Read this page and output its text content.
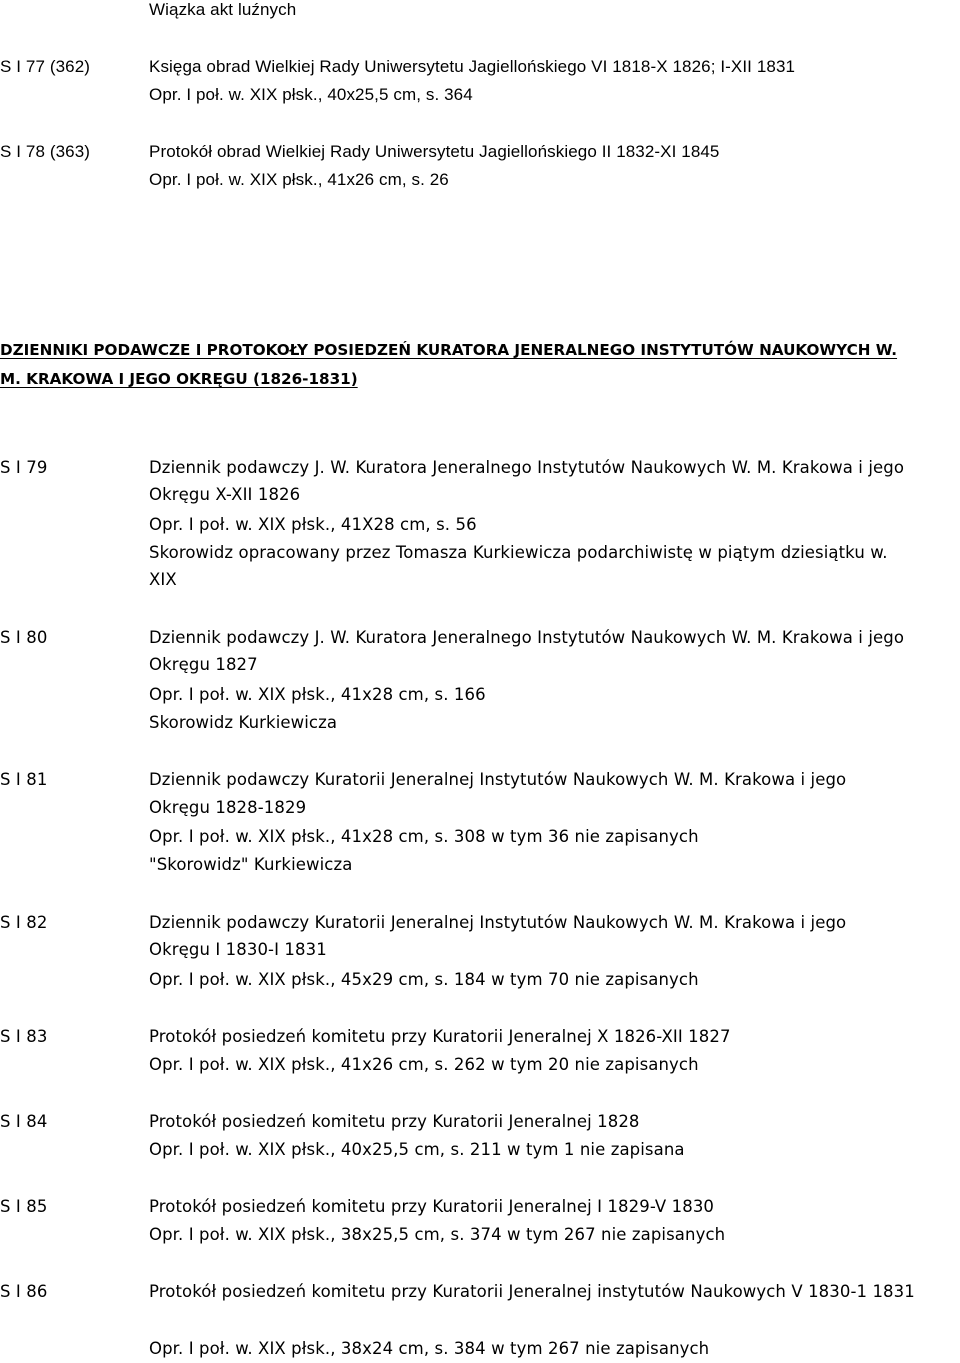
Wiązka akt luźnych
S I 77 (362)	Księga obrad Wielkiej Rady Uniwersytetu Jagiellońskiego VI 1818-X 1826; I-XII 1831
Opr. I poł. w. XIX płsk., 40x25,5 cm, s. 364
S I 78 (363)	Protokół obrad Wielkiej Rady Uniwersytetu Jagiellońskiego II 1832-XI 1845
Opr. I poł. w. XIX płsk., 41x26 cm, s. 26
DZIENNIKI PODAWCZE I PROTOKOŁY POSIEDZEŃ KURATORA JENERALNEGO INSTYTUTÓW NAUKOWYCH W.
M. KRAKOWA I JEGO OKRĘGU (1826-1831)
S I 79	Dziennik podawczy J. W. Kuratora Jeneralnego Instytutów Naukowych W. M. Krakowa i jego
Okręgu X-XII 1826
Opr. I poł. w. XIX płsk., 41X28 cm, s. 56
Skorowidz opracowany przez Tomasza Kurkiewicza podarchiwistę w piątym dziesiątku w.
XIX
S I 80	Dziennik podawczy J. W. Kuratora Jeneralnego Instytutów Naukowych W. M. Krakowa i jego
Okręgu 1827
Opr. I poł. w. XIX płsk., 41x28 cm, s. 166
Skorowidz Kurkiewicza
S I 81	Dziennik podawczy Kuratorii Jeneralnej Instytutów Naukowych W. M. Krakowa i jego
Okręgu 1828-1829
Opr. I poł. w. XIX płsk., 41x28 cm, s. 308 w tym 36 nie zapisanych
"Skorowidz" Kurkiewicza
S I 82	Dziennik podawczy Kuratorii Jeneralnej Instytutów Naukowych W. M. Krakowa i jego
Okręgu I 1830-I 1831
Opr. I poł. w. XIX płsk., 45x29 cm, s. 184 w tym 70 nie zapisanych
S I 83	Protokół posiedzeń komitetu przy Kuratorii Jeneralnej X 1826-XII 1827
Opr. I poł. w. XIX płsk., 41x26 cm, s. 262 w tym 20 nie zapisanych
S I 84	Protokół posiedzeń komitetu przy Kuratorii Jeneralnej 1828
Opr. I poł. w. XIX płsk., 40x25,5 cm, s. 211 w tym 1 nie zapisana
S I 85	Protokół posiedzeń komitetu przy Kuratorii Jeneralnej I 1829-V 1830
Opr. I poł. w. XIX płsk., 38x25,5 cm, s. 374 w tym 267 nie zapisanych
S I 86	Protokół posiedzeń komitetu przy Kuratorii Jeneralnej instytutów Naukowych V 1830-1 1831
Opr. I poł. w. XIX płsk., 38x24 cm, s. 384 w tym 267 nie zapisanych
